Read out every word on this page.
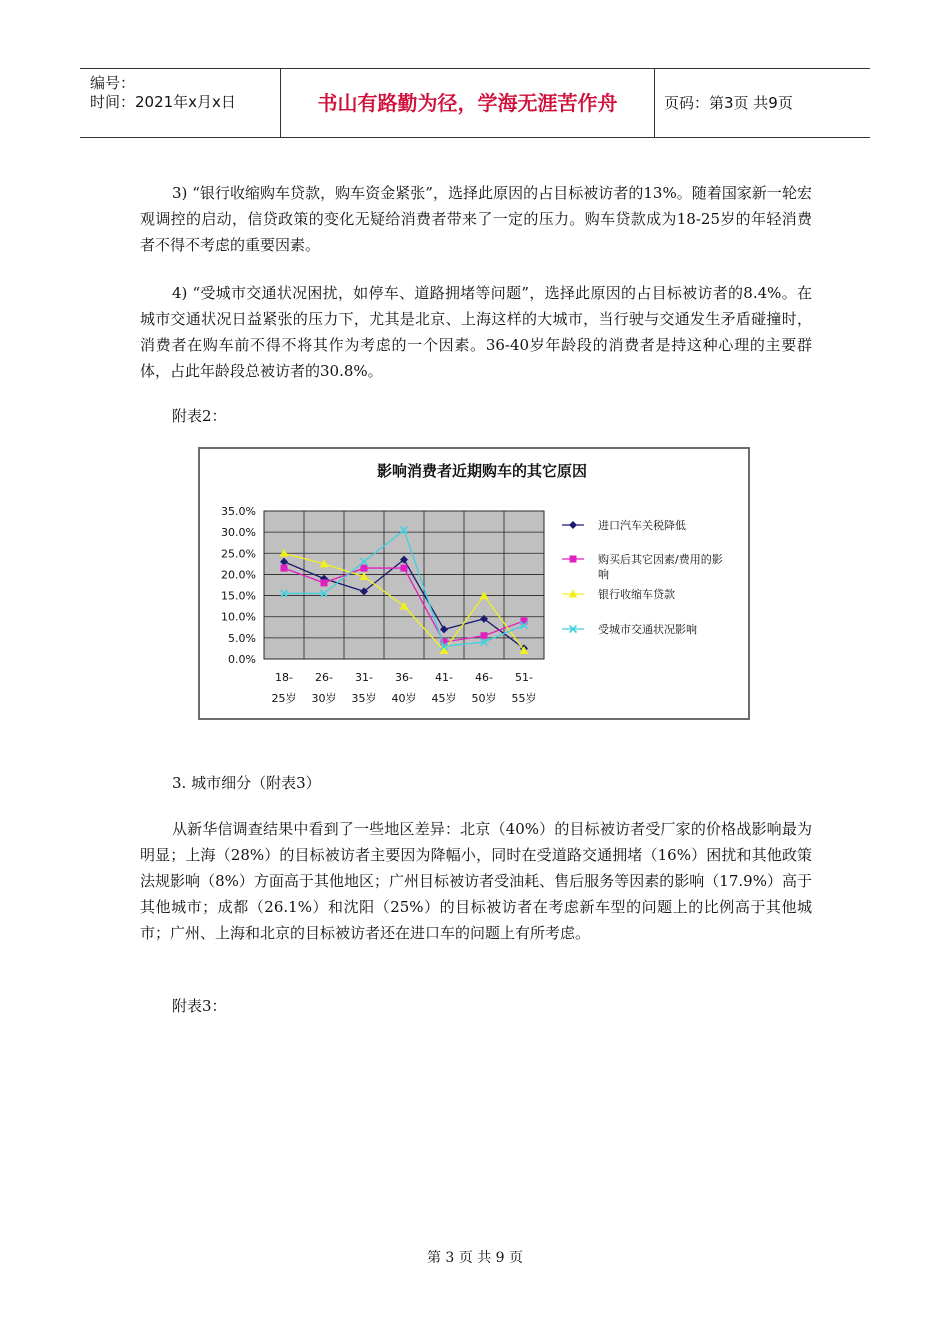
编号：
时间：2021年x月x日	书山有路勤为径，学海无涯苦作舟	页码：第3页 共9页

3) “银行收缩购车贷款，购车资金紧张”，选择此原因的占目标被访者的13%。随着国家新一轮宏观调控的启动，信贷政策的变化无疑给消费者带来了一定的压力。购车贷款成为18-25岁的年轻消费者不得不考虑的重要因素。

4) “受城市交通状况困扰，如停车、道路拥堵等问题”，选择此原因的占目标被访者的8.4%。在城市交通状况日益紧张的压力下，尤其是北京、上海这样的大城市，当行驶与交通发生矛盾碰撞时，消费者在购车前不得不将其作为考虑的一个因素。36-40岁年龄段的消费者是持这种心理的主要群体，占此年龄段总被访者的30.8%。

附表2：
影响消费者近期购车的其它原因
0.0%
5.0%
10.0%
15.0%
20.0%
25.0%
30.0%
35.0%
18-
25岁
26-
30岁
31-
35岁
36-
40岁
41-
45岁
46-
50岁
51-
55岁
进口汽车关税降低
购买后其它因素/费用的影
响
银行收缩车贷款
受城市交通状况影响
3. 城市细分（附表3）

从新华信调查结果中看到了一些地区差异：北京（40%）的目标被访者受厂家的价格战影响最为明显；上海（28%）的目标被访者主要因为降幅小，同时在受道路交通拥堵（16%）困扰和其他政策法规影响（8%）方面高于其他地区；广州目标被访者受油耗、售后服务等因素的影响（17.9%）高于其他城市；成都（26.1%）和沈阳（25%）的目标被访者在考虑新车型的问题上的比例高于其他城市；广州、上海和北京的目标被访者还在进口车的问题上有所考虑。

附表3：
第 3 页 共 9 页
